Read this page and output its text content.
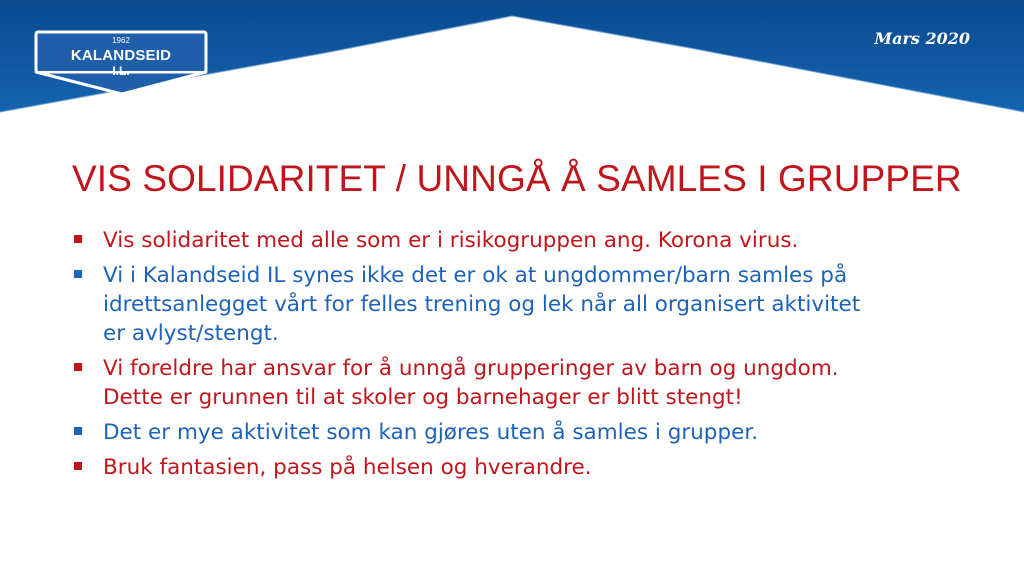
Mars 2020
1962
KALANDSEID
I.L.
VIS SOLIDARITET / UNNGÅ Å SAMLES I GRUPPER
Vis solidaritet med alle som er i risikogruppen ang. Korona virus.
Vi i Kalandseid IL synes ikke det er ok at ungdommer/barn samles på
idrettsanlegget vårt for felles trening og lek når all organisert aktivitet
er avlyst/stengt.
Vi foreldre har ansvar for å unngå grupperinger av barn og ungdom.
Dette er grunnen til at skoler og barnehager er blitt stengt!
Det er mye aktivitet som kan gjøres uten å samles i grupper.
Bruk fantasien, pass på helsen og hverandre.
